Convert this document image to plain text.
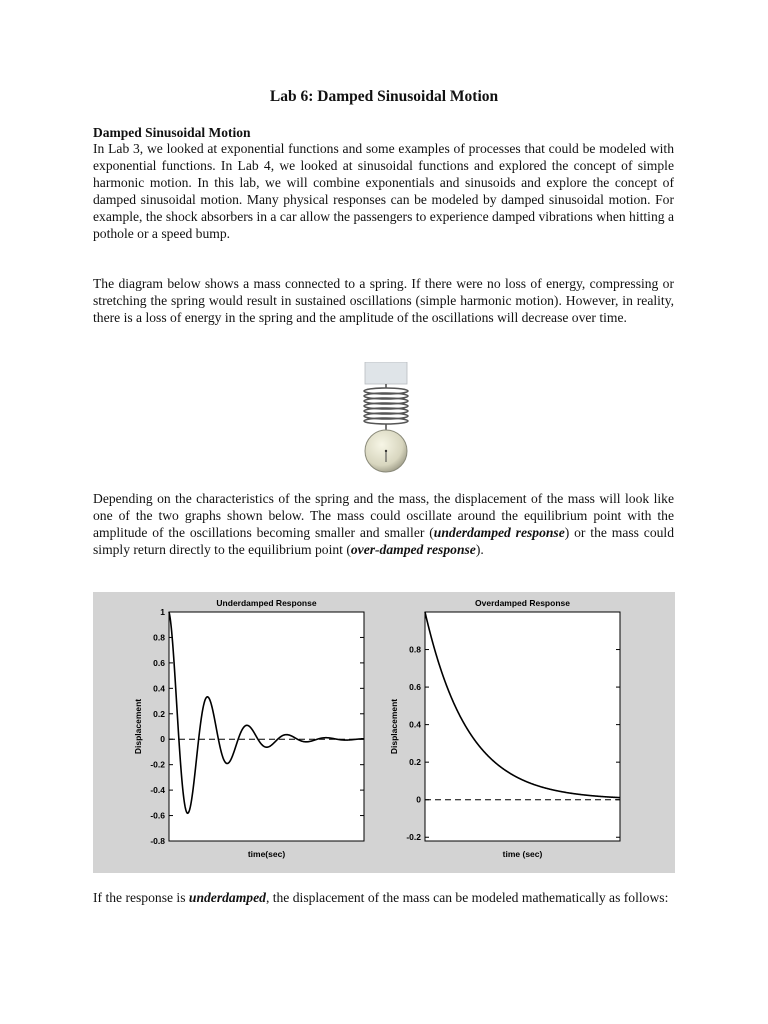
Lab 6: Damped Sinusoidal Motion
Damped Sinusoidal Motion

In Lab 3, we looked at exponential functions and some examples of processes that could be modeled with exponential functions. In Lab 4, we looked at sinusoidal functions and explored the concept of simple harmonic motion. In this lab, we will combine exponentials and sinusoids and explore the concept of damped sinusoidal motion. Many physical responses can be modeled by damped sinusoidal motion. For example, the shock absorbers in a car allow the passengers to experience damped vibrations when hitting a pothole or a speed bump.

The diagram below shows a mass connected to a spring. If there were no loss of energy, compressing or stretching the spring would result in sustained oscillations (simple harmonic motion). However, in reality, there is a loss of energy in the spring and the amplitude of the oscillations will decrease over time.

Depending on the characteristics of the spring and the mass, the displacement of the mass will look like one of the two graphs shown below. The mass could oscillate around the equilibrium point with the amplitude of the oscillations becoming smaller and smaller (underdamped response) or the mass could simply return directly to the equilibrium point (over-damped response).

Underdamped Response
time(sec)
Displacement
-0.8
-0.6
-0.4
-0.2
0
0.2
0.4
0.6
0.8
1
Overdamped Response
time (sec)
Displacement
-0.2
0
0.2
0.4
0.6
0.8

If the response is underdamped, the displacement of the mass can be modeled mathematically as follows:
